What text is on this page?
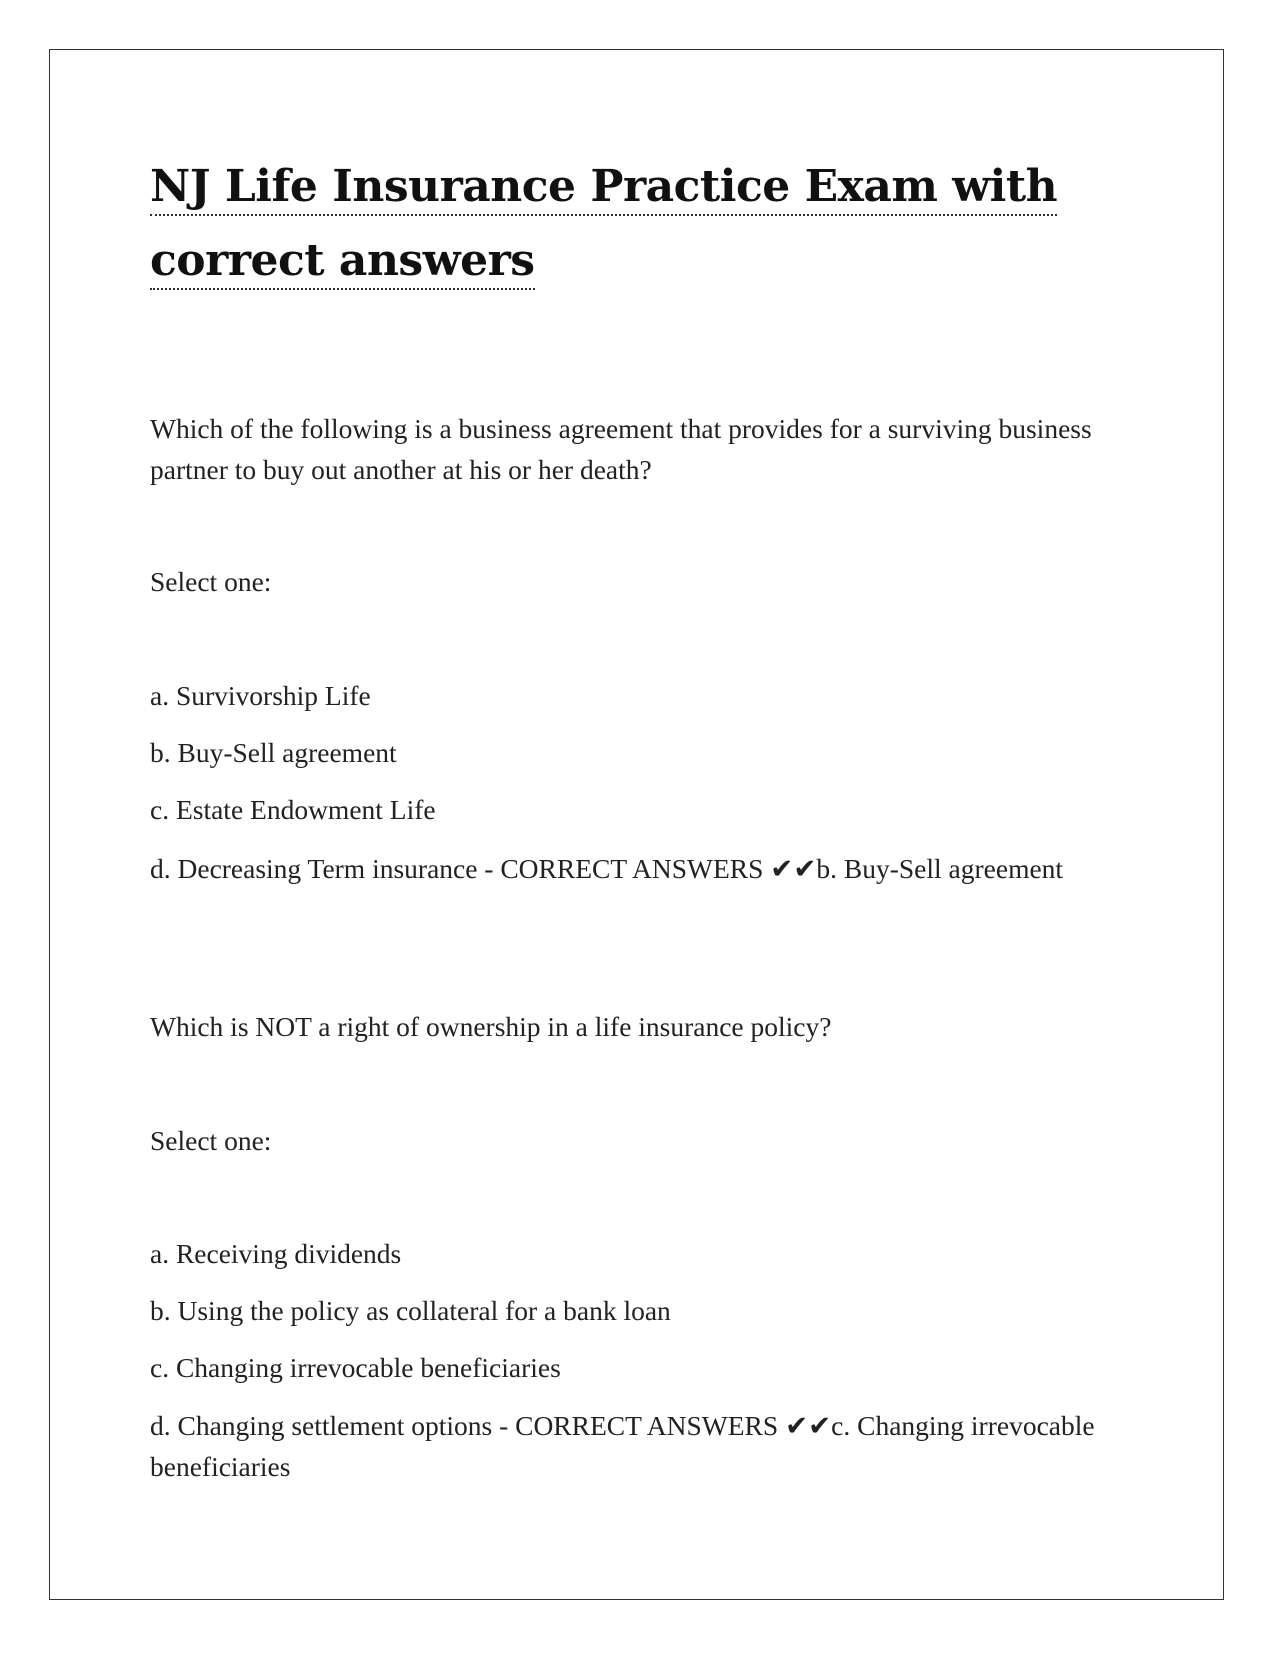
NJ Life Insurance Practice Exam with correct answers

Which of the following is a business agreement that provides for a surviving business partner to buy out another at his or her death?

Select one:

a. Survivorship Life

b. Buy-Sell agreement

c. Estate Endowment Life

d. Decreasing Term insurance - CORRECT ANSWERS ✔✔b. Buy-Sell agreement

Which is NOT a right of ownership in a life insurance policy?

Select one:

a. Receiving dividends

b. Using the policy as collateral for a bank loan

c. Changing irrevocable beneficiaries

d. Changing settlement options - CORRECT ANSWERS ✔✔c. Changing irrevocable beneficiaries
